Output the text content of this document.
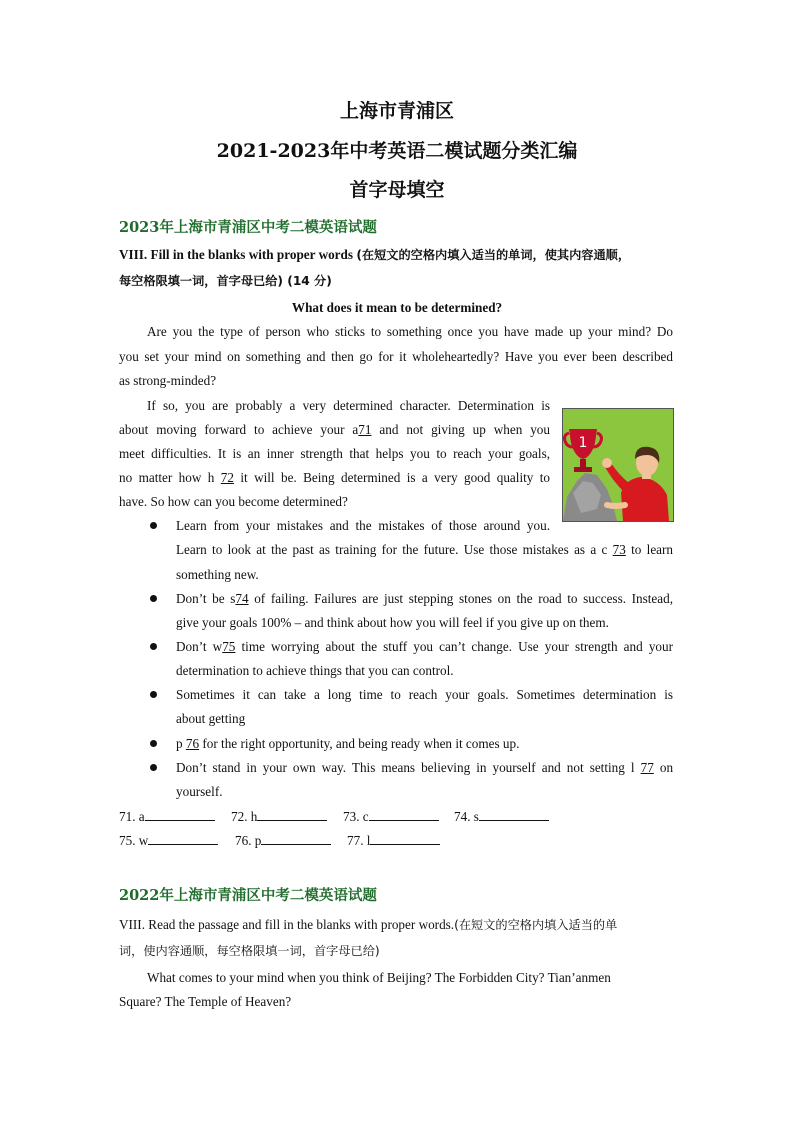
上海市青浦区
2021-2023年中考英语二模试题分类汇编
首字母填空
2023年上海市青浦区中考二模英语试题
VIII. Fill in the blanks with proper words (在短文的空格内填入适当的单词，使其内容通顺，
每空格限填一词，首字母已给) (14 分)
What does it mean to be determined?
Are you the type of person who sticks to something once you have made up your mind? Do
you set your mind on something and then go for it wholeheartedly? Have you ever been described
as strong-minded?
If so, you are probably a very determined character. Determination is
about moving forward to achieve your a71 and not giving up when you
meet difficulties. It is an inner strength that helps you to reach your goals,
no matter how h 72 it will be. Being determined is a very good quality to
have. So how can you become determined?
1
Learn from your mistakes and the mistakes of those around you.
Learn to look at the past as training for the future. Use those mistakes as a c 73 to learn
something new.
Don’t be s74 of failing. Failures are just stepping stones on the road to success. Instead,
give your goals 100% – and think about how you will feel if you give up on them.
Don’t w75 time worrying about the stuff you can’t change. Use your strength and your
determination to achieve things that you can control.
Sometimes it can take a long time to reach your goals. Sometimes determination is
about getting
p 76 for the right opportunity, and being ready when it comes up.
Don’t stand in your own way. This means believing in yourself and not setting l 77 on
yourself.
71. a	72. h	73. c	74. s
75. w	76. p	77. l
2022年上海市青浦区中考二模英语试题
VIII. Read the passage and fill in the blanks with proper words.(在短文的空格内填入适当的单
词，使内容通顺，每空格限填一词，首字母已给)
What comes to your mind when you think of Beijing? The Forbidden City? Tian’anmen
Square? The Temple of Heaven?
